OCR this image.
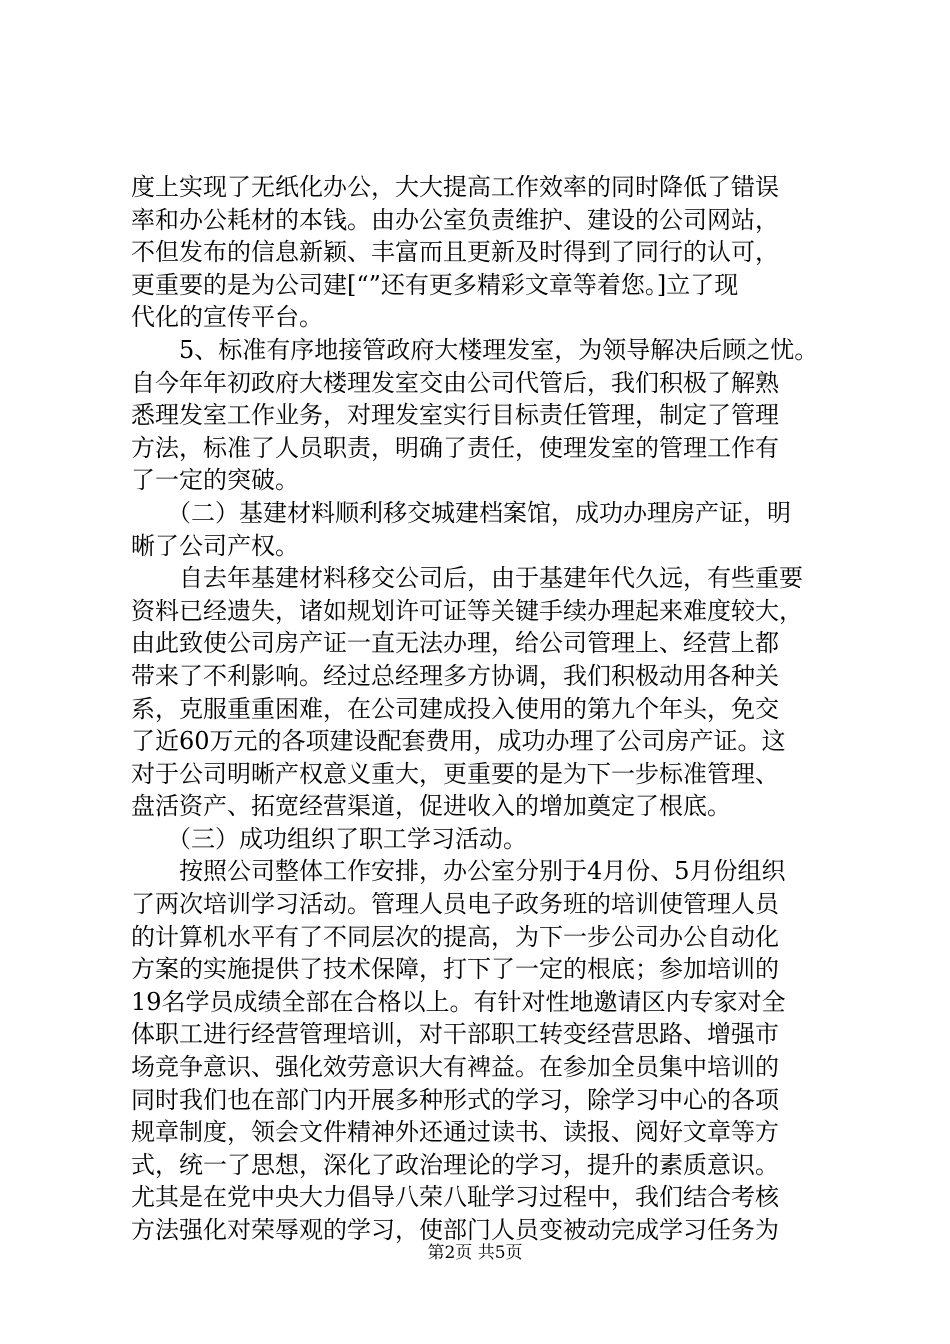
度上实现了无纸化办公，大大提高工作效率的同时降低了错误
率和办公耗材的本钱。由办公室负责维护、建设的公司网站，
不但发布的信息新颖、丰富而且更新及时得到了同行的认可，
更重要的是为公司建[“”还有更多精彩文章等着您。]立了现
代化的宣传平台。
　　5、标准有序地接管政府大楼理发室，为领导解决后顾之忧。
自今年年初政府大楼理发室交由公司代管后，我们积极了解熟
悉理发室工作业务，对理发室实行目标责任管理，制定了管理
方法，标准了人员职责，明确了责任，使理发室的管理工作有
了一定的突破。
　　（二）基建材料顺利移交城建档案馆，成功办理房产证，明
晰了公司产权。
　　自去年基建材料移交公司后，由于基建年代久远，有些重要
资料已经遗失，诸如规划许可证等关键手续办理起来难度较大，
由此致使公司房产证一直无法办理，给公司管理上、经营上都
带来了不利影响。经过总经理多方协调，我们积极动用各种关
系，克服重重困难，在公司建成投入使用的第九个年头，免交
了近60万元的各项建设配套费用，成功办理了公司房产证。这
对于公司明晰产权意义重大，更重要的是为下一步标准管理、
盘活资产、拓宽经营渠道，促进收入的增加奠定了根底。
　　（三）成功组织了职工学习活动。
　　按照公司整体工作安排，办公室分别于4月份、5月份组织
了两次培训学习活动。管理人员电子政务班的培训使管理人员
的计算机水平有了不同层次的提高，为下一步公司办公自动化
方案的实施提供了技术保障，打下了一定的根底；参加培训的
19名学员成绩全部在合格以上。有针对性地邀请区内专家对全
体职工进行经营管理培训，对干部职工转变经营思路、增强市
场竞争意识、强化效劳意识大有裨益。在参加全员集中培训的
同时我们也在部门内开展多种形式的学习，除学习中心的各项
规章制度，领会文件精神外还通过读书、读报、阅好文章等方
式，统一了思想，深化了政治理论的学习，提升的素质意识。
尤其是在党中央大力倡导八荣八耻学习过程中，我们结合考核
方法强化对荣辱观的学习，使部门人员变被动完成学习任务为
第2页 共5页
